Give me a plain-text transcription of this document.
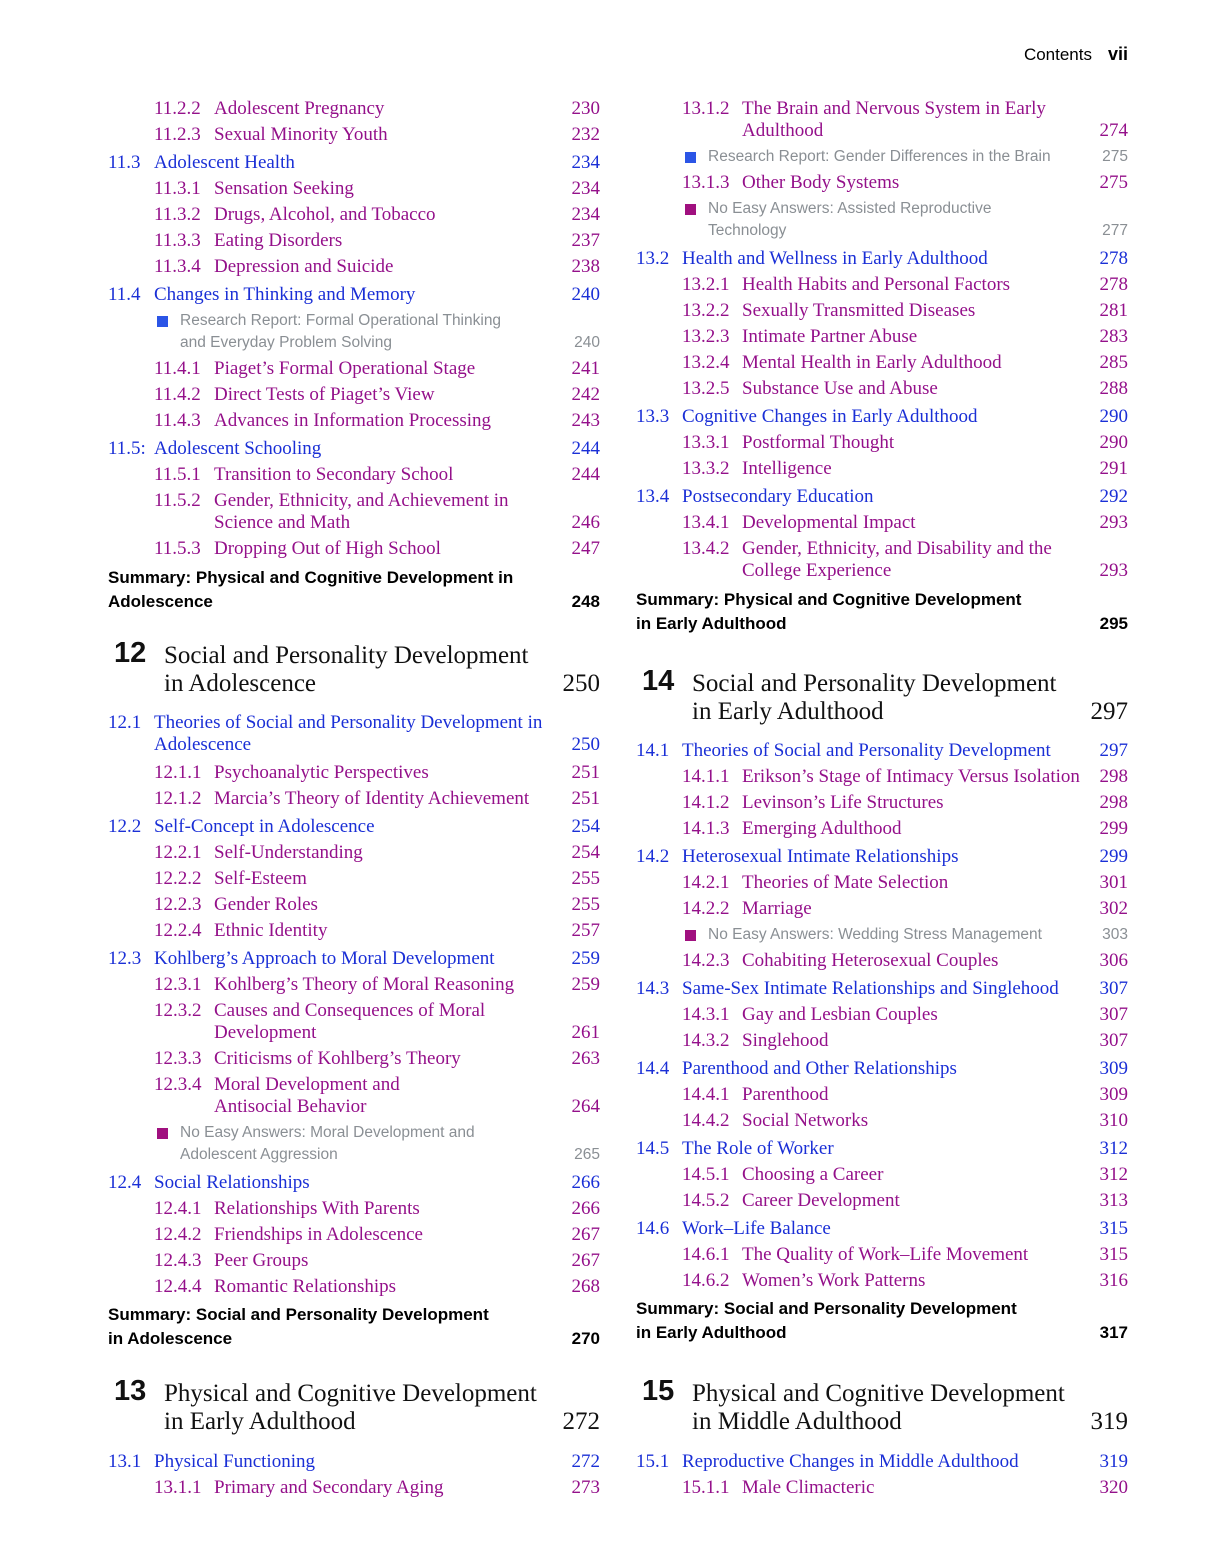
Contents vii
11.2.2 Adolescent Pregnancy	230
11.2.3 Sexual Minority Youth	232
11.3 Adolescent Health	234
11.3.1 Sensation Seeking	234
11.3.2 Drugs, Alcohol, and Tobacco	234
11.3.3 Eating Disorders	237
11.3.4 Depression and Suicide	238
11.4 Changes in Thinking and Memory	240
Research Report: Formal Operational Thinking
and Everyday Problem Solving	240
11.4.1 Piaget’s Formal Operational Stage	241
11.4.2 Direct Tests of Piaget’s View	242
11.4.3 Advances in Information Processing	243
11.5: Adolescent Schooling	244
11.5.1 Transition to Secondary School	244
11.5.2 Gender, Ethnicity, and Achievement in
Science and Math	246
11.5.3 Dropping Out of High School	247
Summary: Physical and Cognitive Development in
Adolescence	248
12 Social and Personality Development
in Adolescence	250
12.1 Theories of Social and Personality Development in
Adolescence	250
12.1.1 Psychoanalytic Perspectives	251
12.1.2 Marcia’s Theory of Identity Achievement 251
12.2 Self-Concept in Adolescence	254
12.2.1 Self-Understanding	254
12.2.2 Self-Esteem	255
12.2.3 Gender Roles	255
12.2.4 Ethnic Identity	257
12.3 Kohlberg’s Approach to Moral Development	259
12.3.1 Kohlberg’s Theory of Moral Reasoning	259
12.3.2 Causes and Consequences of Moral
Development	261
12.3.3 Criticisms of Kohlberg’s Theory	263
12.3.4 Moral Development and
Antisocial Behavior	264
No Easy Answers: Moral Development and
Adolescent Aggression	265
12.4 Social Relationships	266
12.4.1 Relationships With Parents	266
12.4.2 Friendships in Adolescence	267
12.4.3 Peer Groups	267
12.4.4 Romantic Relationships	268
Summary: Social and Personality Development
in Adolescence	270
13 Physical and Cognitive Development
in Early Adulthood	272
13.1 Physical Functioning	272
13.1.1 Primary and Secondary Aging	273
13.1.2 The Brain and Nervous System in Early
Adulthood	274
Research Report: Gender Differences in the Brain	275
13.1.3 Other Body Systems	275
No Easy Answers: Assisted Reproductive
Technology	277
13.2 Health and Wellness in Early Adulthood	278
13.2.1 Health Habits and Personal Factors	278
13.2.2 Sexually Transmitted Diseases	281
13.2.3 Intimate Partner Abuse	283
13.2.4 Mental Health in Early Adulthood	285
13.2.5 Substance Use and Abuse	288
13.3 Cognitive Changes in Early Adulthood	290
13.3.1 Postformal Thought	290
13.3.2 Intelligence	291
13.4 Postsecondary Education	292
13.4.1 Developmental Impact	293
13.4.2 Gender, Ethnicity, and Disability and the
College Experience	293
Summary: Physical and Cognitive Development
in Early Adulthood	295
14 Social and Personality Development
in Early Adulthood	297
14.1 Theories of Social and Personality Development	297
14.1.1 Erikson’s Stage of Intimacy Versus Isolation 298
14.1.2 Levinson’s Life Structures	298
14.1.3 Emerging Adulthood	299
14.2 Heterosexual Intimate Relationships	299
14.2.1 Theories of Mate Selection	301
14.2.2 Marriage	302
No Easy Answers: Wedding Stress Management	303
14.2.3 Cohabiting Heterosexual Couples	306
14.3 Same-Sex Intimate Relationships and Singlehood 307
14.3.1 Gay and Lesbian Couples	307
14.3.2 Singlehood	307
14.4 Parenthood and Other Relationships	309
14.4.1 Parenthood	309
14.4.2 Social Networks	310
14.5 The Role of Worker	312
14.5.1 Choosing a Career	312
14.5.2 Career Development	313
14.6 Work–Life Balance	315
14.6.1 The Quality of Work–Life Movement	315
14.6.2 Women’s Work Patterns	316
Summary: Social and Personality Development
in Early Adulthood	317
15 Physical and Cognitive Development
in Middle Adulthood	319
15.1 Reproductive Changes in Middle Adulthood	319
15.1.1 Male Climacteric	320
